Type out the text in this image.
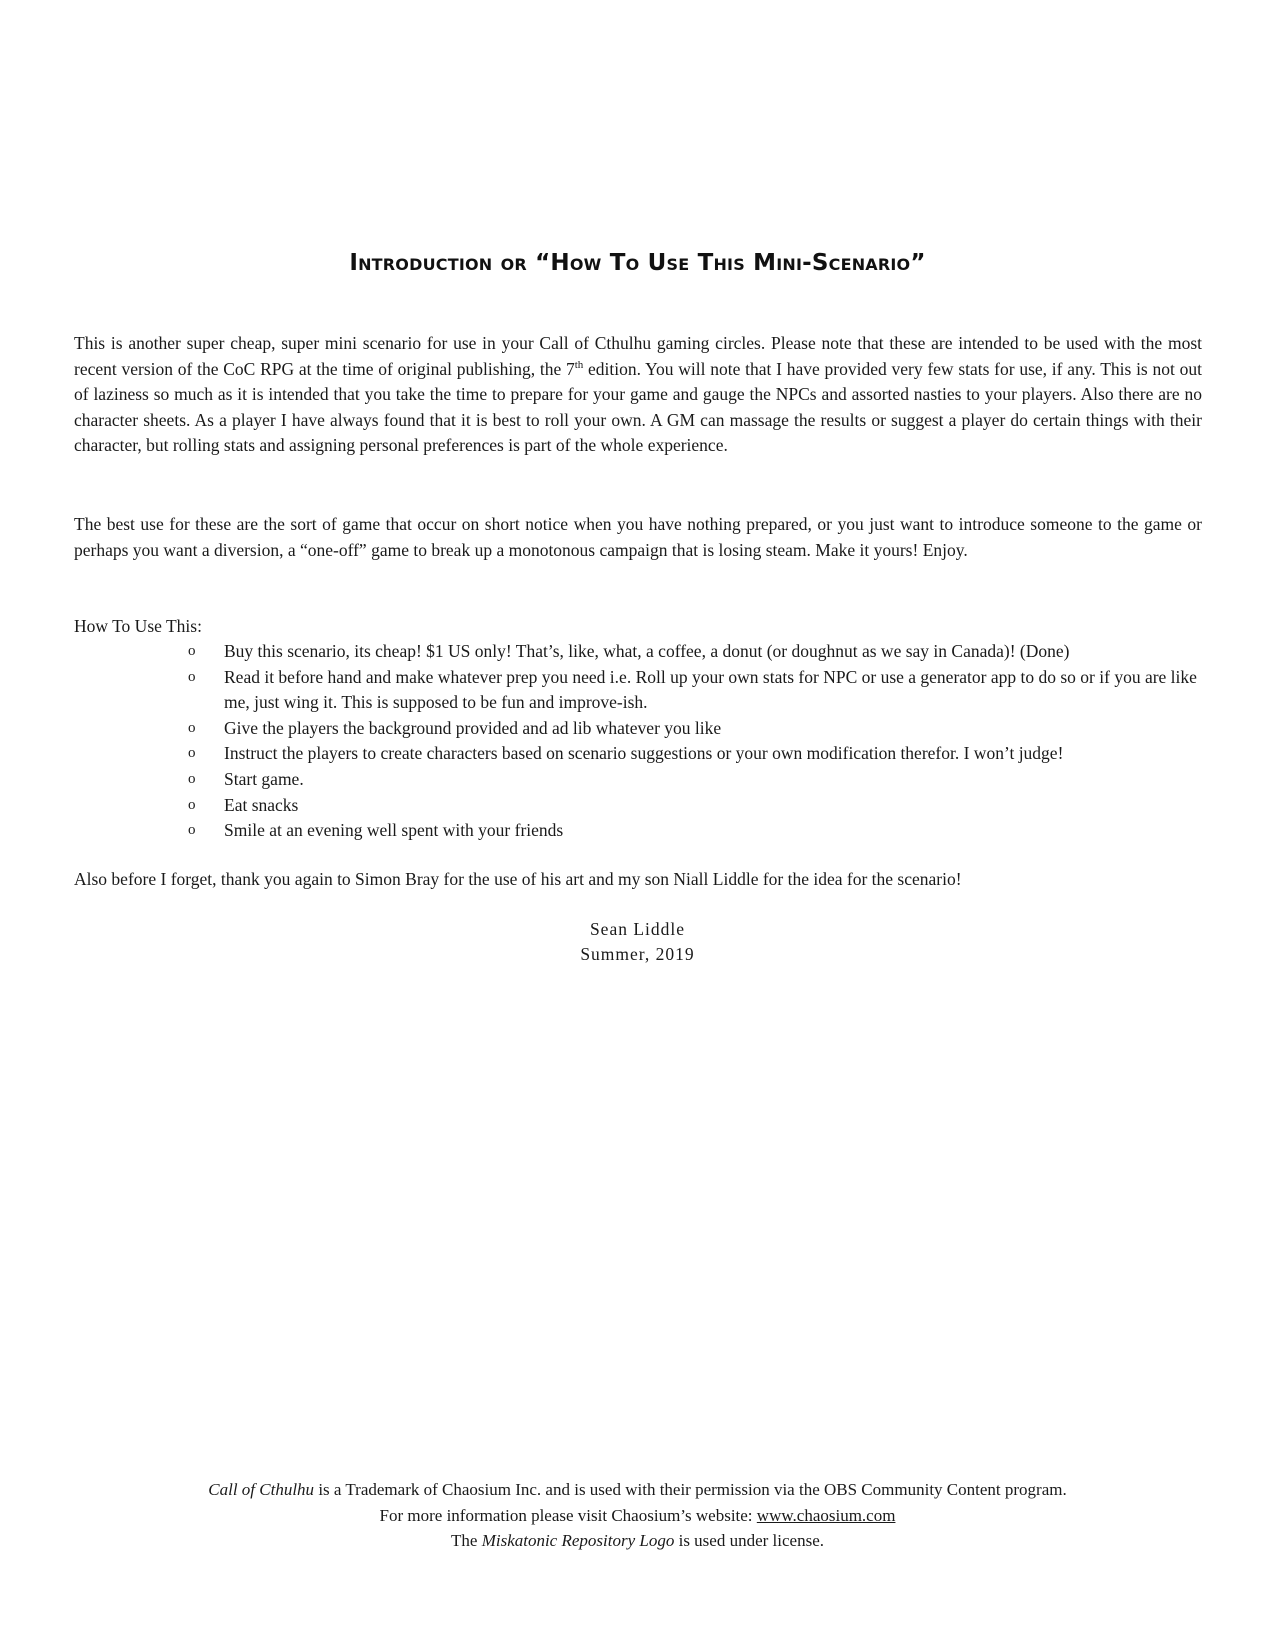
Introduction or “How To Use This Mini-Scenario”

This is another super cheap, super mini scenario for use in your Call of Cthulhu gaming circles. Please note that these are intended to be used with the most recent version of the CoC RPG at the time of original publishing, the 7th edition. You will note that I have provided very few stats for use, if any. This is not out of laziness so much as it is intended that you take the time to prepare for your game and gauge the NPCs and assorted nasties to your players. Also there are no character sheets. As a player I have always found that it is best to roll your own. A GM can massage the results or suggest a player do certain things with their character, but rolling stats and assigning personal preferences is part of the whole experience.

The best use for these are the sort of game that occur on short notice when you have nothing prepared, or you just want to introduce someone to the game or perhaps you want a diversion, a “one-off” game to break up a monotonous campaign that is losing steam. Make it yours! Enjoy.

How To Use This:

o Buy this scenario, its cheap! $1 US only! That’s, like, what, a coffee, a donut (or doughnut as we say in Canada)! (Done)
o Read it before hand and make whatever prep you need i.e. Roll up your own stats for NPC or use a generator app to do so or if you are like me, just wing it. This is supposed to be fun and improve-ish.
o Give the players the background provided and ad lib whatever you like
o Instruct the players to create characters based on scenario suggestions or your own modification therefor. I won’t judge!
o Start game.
o Eat snacks
o Smile at an evening well spent with your friends

Also before I forget, thank you again to Simon Bray for the use of his art and my son Niall Liddle for the idea for the scenario!

Sean Liddle
Summer, 2019
Call of Cthulhu is a Trademark of Chaosium Inc. and is used with their permission via the OBS Community Content program.
For more information please visit Chaosium’s website: www.chaosium.com
The Miskatonic Repository Logo is used under license.
